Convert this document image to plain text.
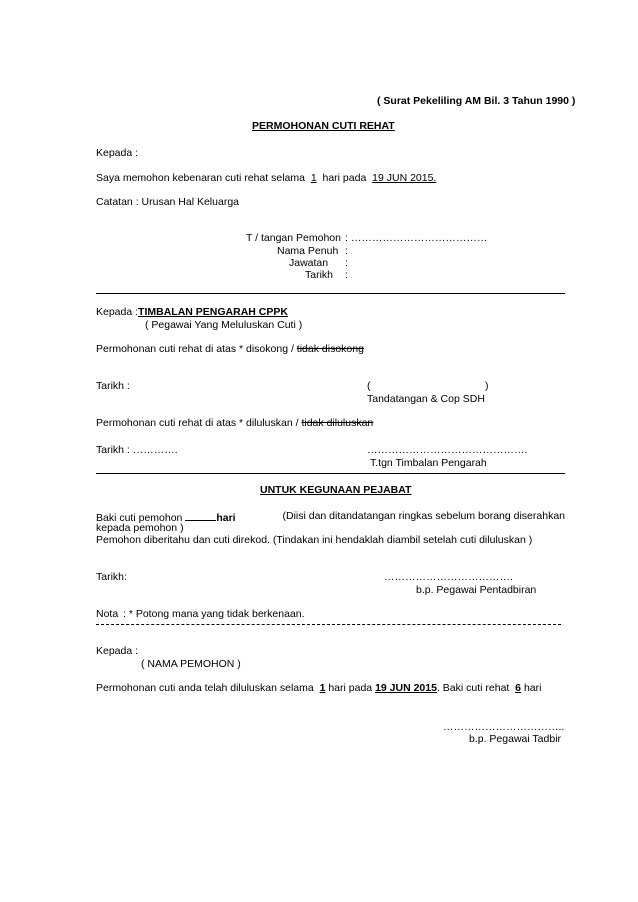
( Surat Pekeliling AM Bil. 3 Tahun 1990 )
PERMOHONAN CUTI REHAT
Kepada :
Saya memohon kebenaran cuti rehat selama 1 hari pada 19 JUN 2015.
Catatan : Urusan Hal Keluarga
T / tangan Pemohon : …………………………………
Nama Penuh :
Jawatan :
Tarikh :
Kepada :TIMBALAN PENGARAH CPPK
( Pegawai Yang Meluluskan Cuti )
Permohonan cuti rehat di atas * disokong / tidak disokong
Tarikh :	(	)
Tandatangan & Cop SDH
Permohonan cuti rehat di atas * diluluskan / tidak diluluskan
Tarikh : ………….	……………………………………….
T.tgn Timbalan Pengarah
UNTUK KEGUNAAN PEJABAT
Baki cuti pemohon	hari	(Diisi dan ditandatangan ringkas sebelum borang diserahkan
kepada pemohon )
Pemohon diberitahu dan cuti direkod. (Tindakan ini hendaklah diambil setelah cuti diluluskan )
Tarikh:	……………………………….
b.p. Pegawai Pentadbiran
Nota : * Potong mana yang tidak berkenaan.
Kepada :
( NAMA PEMOHON )
Permohonan cuti anda telah diluluskan selama 1 hari pada 19 JUN 2015. Baki cuti rehat 6 hari
……………………………..
b.p. Pegawai Tadbir
